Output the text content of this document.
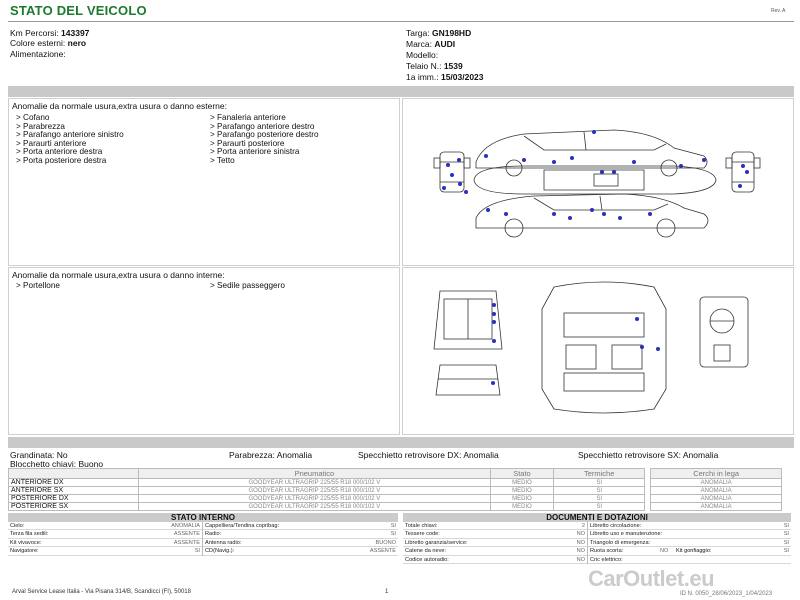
STATO DEL VEICOLO	Rev. A
Km Percorsi: 143397
Colore esterni: nero
Alimentazione:
Targa: GN198HD
Marca: AUDI
Modello:
Telaio N.: 1539
1a imm.: 15/03/2023
Anomalie da normale usura,extra usura o danno esterne:
> Cofano
> Parabrezza
> Parafango anteriore sinistro
> Paraurti anteriore
> Porta anteriore destra
> Porta posteriore destra
> Fanaleria anteriore
> Parafango anteriore destro
> Parafango posteriore destro
> Paraurti posteriore
> Porta anteriore sinistra
> Tetto
Anomalie da normale usura,extra usura o danno interne:
> Portellone	> Sedile passeggero
Grandinata: No	Parabrezza: Anomalia	Specchietto retrovisore DX: Anomalia	Specchietto retrovisore SX: Anomalia
Blocchetto chiavi: Buono
	Pneumatico	Stato	Termiche		Cerchi in lega
ANTERIORE DX	GOODYEAR ULTRAGRIP 225/55 R18 000/102 V	MEDIO	SI		ANOMALIA
ANTERIORE SX	GOODYEAR ULTRAGRIP 225/55 R18 000/102 V	MEDIO	SI		ANOMALIA
POSTERIORE DX	GOODYEAR ULTRAGRIP 225/55 R18 000/102 V	MEDIO	SI		ANOMALIA
POSTERIORE SX	GOODYEAR ULTRAGRIP 225/55 R18 000/102 V	MEDIO	SI		ANOMALIA
STATO INTERNO
Cielo:	ANOMALIA
Terza fila sedili:	ASSENTE
Kit vivavoce:	ASSENTE
Navigatore:	SI
Cappelliera/Tendina copribag:	SI
Radio:	SI
Antenna radio:	BUONO
CD(Navig.):	ASSENTE
DOCUMENTI E DOTAZIONI
Totale chiavi:	2
Tessere code:	NO
Libretto garanzia/service:	NO
Catene da neve:	NO
Codice autoradio:	NO
Libretto circolazione:	SI
Libretto uso e manutenzione:	SI
Triangolo di emergenza:	SI
Ruota scorta:	NO Kit gonfiaggio:	SI
Cric elettrico:
Arval Service Lease Italia - Via Pisana 314/B, Scandicci (FI), 50018	1	ID N. 0050_28/06/2023_1/04/2023
CarOutlet.eu
